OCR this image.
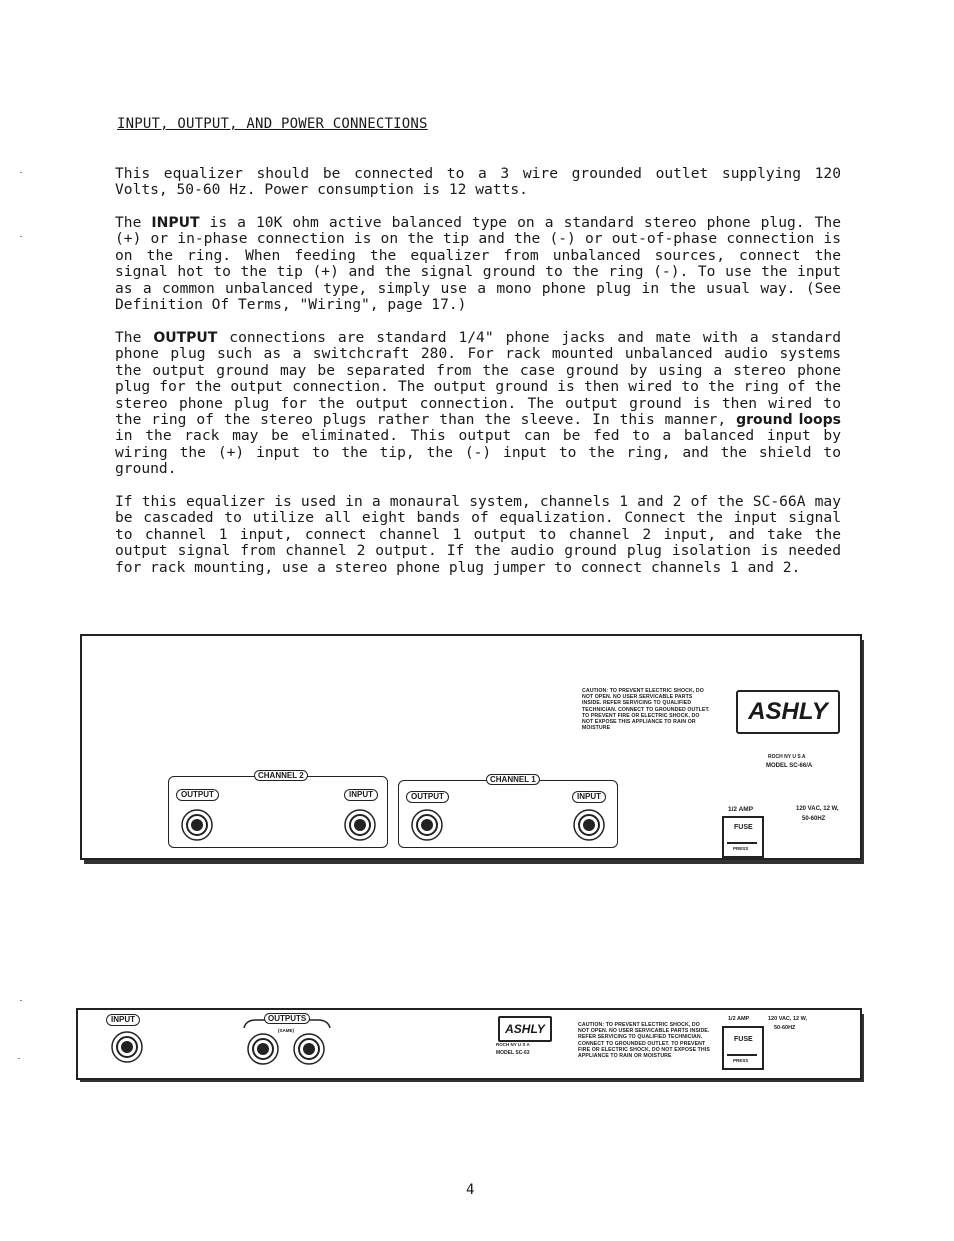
INPUT, OUTPUT, AND POWER CONNECTIONS

This equalizer should be connected to a 3 wire grounded outlet supplying 120 Volts, 50-60 Hz. Power consumption is 12 watts.

The INPUT is a 10K ohm active balanced type on a standard stereo phone plug. The (+) or in-phase connection is on the tip and the (-) or out-of-phase connection is on the ring. When feeding the equalizer from unbalanced sources, connect the signal hot to the tip (+) and the signal ground to the ring (-). To use the input as a common unbalanced type, simply use a mono phone plug in the usual way. (See Definition Of Terms, "Wiring", page 17.)

The OUTPUT connections are standard 1/4" phone jacks and mate with a standard phone plug such as a switchcraft 280. For rack mounted unbalanced audio systems the output ground may be separated from the case ground by using a stereo phone plug for the output connection. The output ground is then wired to the ring of the stereo phone plug for the output connection. The output ground is then wired to the ring of the stereo plugs rather than the sleeve. In this manner, ground loops in the rack may be eliminated. This output can be fed to a balanced input by wiring the (+) input to the tip, the (-) input to the ring, and the shield to ground.

If this equalizer is used in a monaural system, channels 1 and 2 of the SC-66A may be cascaded to utilize all eight bands of equalization. Connect the input signal to channel 1 input, connect channel 1 output to channel 2 input, and take the output signal from channel 2 output. If the audio ground plug isolation is needed for rack mounting, use a stereo phone plug jumper to connect channels 1 and 2.

CAUTION: TO PREVENT ELECTRIC SHOCK, DO NOT OPEN. NO USER SERVICABLE PARTS INSIDE. REFER SERVICING TO QUALIFIED TECHNICIAN. CONNECT TO GROUNDED OUTLET. TO PREVENT FIRE OR ELECTRIC SHOCK, DO NOT EXPOSE THIS APPLIANCE TO RAIN OR MOISTURE
ASHLY
ROCH NY U S A
MODEL SC-66/A
CHANNEL 2
OUTPUT	INPUT
CHANNEL 1
OUTPUT	INPUT
1/2 AMP
FUSE
PRESS
120 VAC, 12 W,
50-60HZ
INPUT	OUTPUTS
(SAME)	ASHLY
ROCH NY U S A
MODEL SC-63
CAUTION: TO PREVENT ELECTRIC SHOCK, DO NOT OPEN. NO USER SERVICABLE PARTS INSIDE. REFER SERVICING TO QUALIFIED TECHNICIAN. CONNECT TO GROUNDED OUTLET. TO PREVENT FIRE OR ELECTRIC SHOCK, DO NOT EXPOSE THIS APPLIANCE TO RAIN OR MOISTURE
1/2 AMP
FUSE
PRESS
120 VAC, 12 W,
50-60HZ
4
